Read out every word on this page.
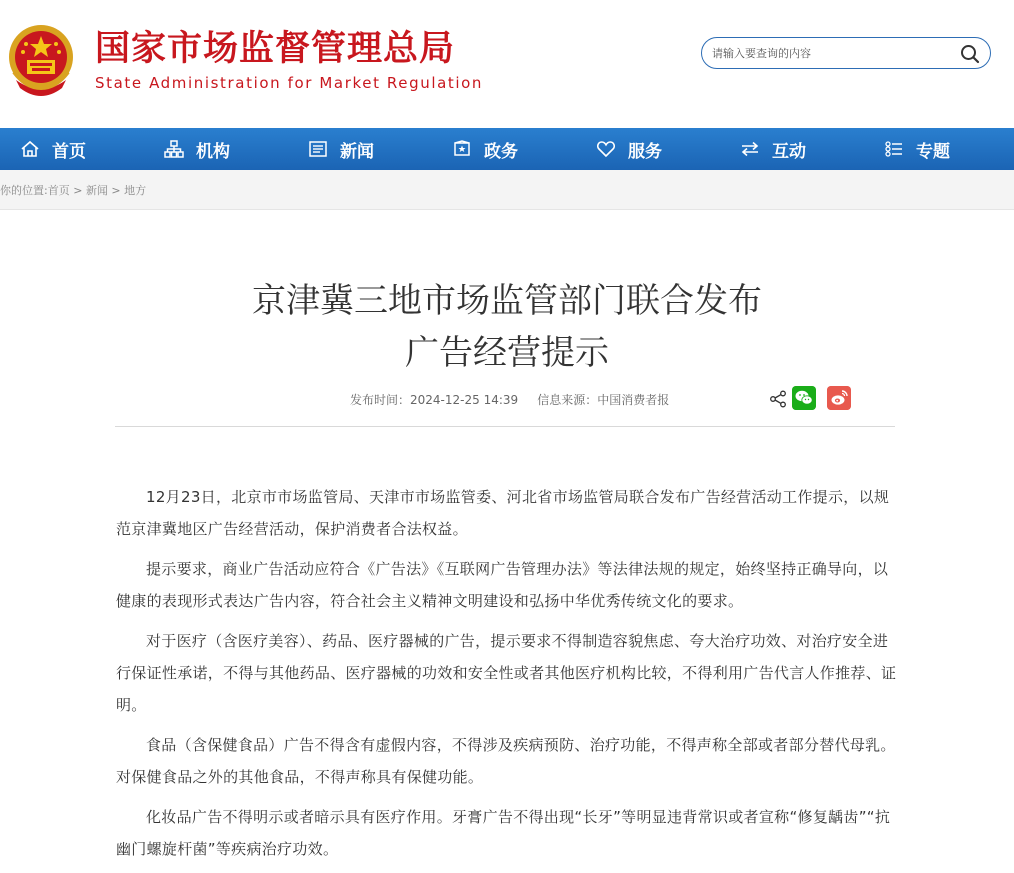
国家市场监督管理总局
State Administration for Market Regulation
请输入要查询的内容
首页	机构	新闻	政务	服务	互动	专题
你的位置:首页 > 新闻 > 地方
京津冀三地市场监管部门联合发布
广告经营提示
发布时间：2024-12-25 14:39 信息来源：中国消费者报

12月23日，北京市市场监管局、天津市市场监管委、河北省市场监管局联合发布广告经营活动工作提示，以规范京津冀地区广告经营活动，保护消费者合法权益。

提示要求，商业广告活动应符合《广告法》《互联网广告管理办法》等法律法规的规定，始终坚持正确导向，以健康的表现形式表达广告内容，符合社会主义精神文明建设和弘扬中华优秀传统文化的要求。

对于医疗（含医疗美容）、药品、医疗器械的广告，提示要求不得制造容貌焦虑、夸大治疗功效、对治疗安全进行保证性承诺，不得与其他药品、医疗器械的功效和安全性或者其他医疗机构比较，不得利用广告代言人作推荐、证明。

食品（含保健食品）广告不得含有虚假内容，不得涉及疾病预防、治疗功能，不得声称全部或者部分替代母乳。对保健食品之外的其他食品，不得声称具有保健功能。

化妆品广告不得明示或者暗示具有医疗作用。牙膏广告不得出现“长牙”等明显违背常识或者宣称“修复龋齿”“抗幽门螺旋杆菌”等疾病治疗功效。
